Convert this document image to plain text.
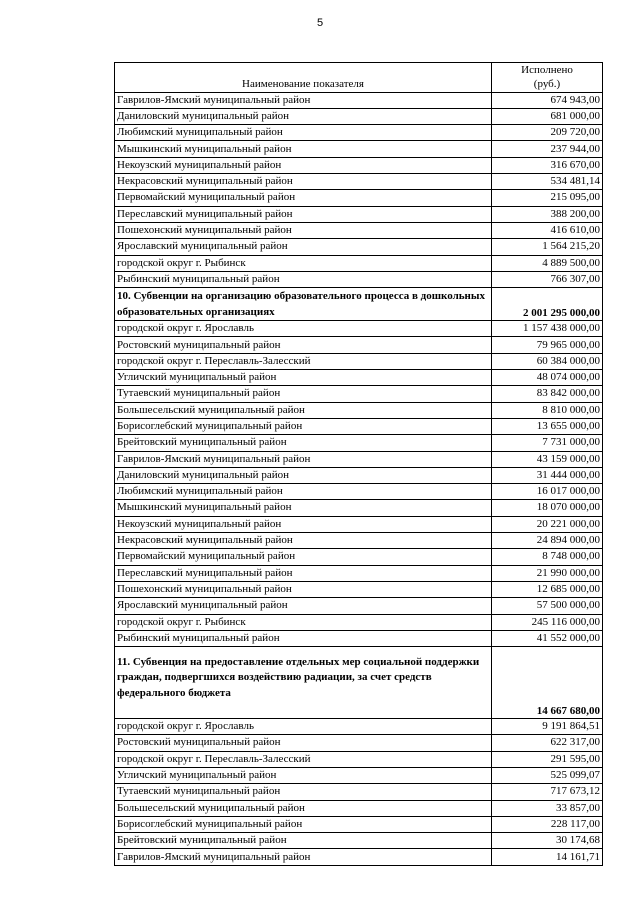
5
Наименование показателя	Исполнено
(руб.)
Гаврилов-Ямский муниципальный район	674 943,00
Даниловский муниципальный район	681 000,00
Любимский муниципальный район	209 720,00
Мышкинский муниципальный район	237 944,00
Некоузский муниципальный район	316 670,00
Некрасовский муниципальный район	534 481,14
Первомайский муниципальный район	215 095,00
Переславский муниципальный район	388 200,00
Пошехонский муниципальный район	416 610,00
Ярославский муниципальный район	1 564 215,20
городской округ г. Рыбинск	4 889 500,00
Рыбинский муниципальный район	766 307,00
10. Субвенции на организацию образовательного процесса в дошкольных образовательных организациях	2 001 295 000,00
городской округ г. Ярославль	1 157 438 000,00
Ростовский муниципальный район	79 965 000,00
городской округ г. Переславль-Залесский	60 384 000,00
Угличский муниципальный район	48 074 000,00
Тутаевский муниципальный район	83 842 000,00
Большесельский муниципальный район	8 810 000,00
Борисоглебский муниципальный район	13 655 000,00
Брейтовский муниципальный район	7 731 000,00
Гаврилов-Ямский муниципальный район	43 159 000,00
Даниловский муниципальный район	31 444 000,00
Любимский муниципальный район	16 017 000,00
Мышкинский муниципальный район	18 070 000,00
Некоузский муниципальный район	20 221 000,00
Некрасовский муниципальный район	24 894 000,00
Первомайский муниципальный район	8 748 000,00
Переславский муниципальный район	21 990 000,00
Пошехонский муниципальный район	12 685 000,00
Ярославский муниципальный район	57 500 000,00
городской округ г. Рыбинск	245 116 000,00
Рыбинский муниципальный район	41 552 000,00
11. Субвенция на предоставление отдельных мер социальной поддержки граждан, подвергшихся воздействию радиации, за счет средств федерального бюджета	14 667 680,00
городской округ г. Ярославль	9 191 864,51
Ростовский муниципальный район	622 317,00
городской округ г. Переславль-Залесский	291 595,00
Угличский муниципальный район	525 099,07
Тутаевский муниципальный район	717 673,12
Большесельский муниципальный район	33 857,00
Борисоглебский муниципальный район	228 117,00
Брейтовский муниципальный район	30 174,68
Гаврилов-Ямский муниципальный район	14 161,71
